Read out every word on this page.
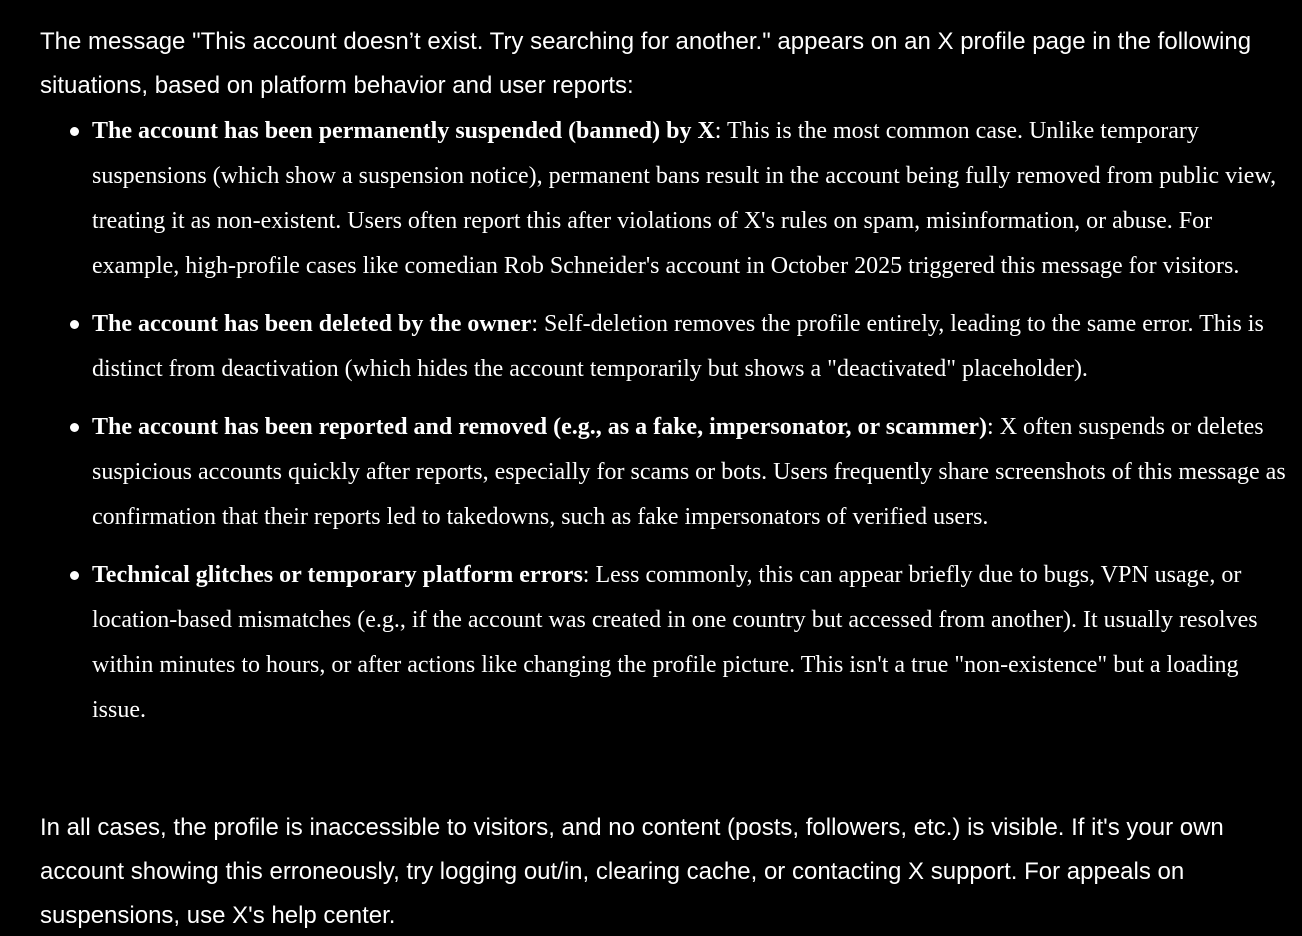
The message "This account doesn’t exist. Try searching for another." appears on an X profile page in the following situations, based on platform behavior and user reports:

The account has been permanently suspended (banned) by X: This is the most common case. Unlike temporary suspensions (which show a suspension notice), permanent bans result in the account being fully removed from public view, treating it as non-existent. Users often report this after violations of X's rules on spam, misinformation, or abuse. For example, high-profile cases like comedian Rob Schneider's account in October 2025 triggered this message for visitors.
The account has been deleted by the owner: Self-deletion removes the profile entirely, leading to the same error. This is distinct from deactivation (which hides the account temporarily but shows a "deactivated" placeholder).
The account has been reported and removed (e.g., as a fake, impersonator, or scammer): X often suspends or deletes suspicious accounts quickly after reports, especially for scams or bots. Users frequently share screenshots of this message as confirmation that their reports led to takedowns, such as fake impersonators of verified users.
Technical glitches or temporary platform errors: Less commonly, this can appear briefly due to bugs, VPN usage, or location-based mismatches (e.g., if the account was created in one country but accessed from another). It usually resolves within minutes to hours, or after actions like changing the profile picture. This isn't a true "non-existence" but a loading issue.

In all cases, the profile is inaccessible to visitors, and no content (posts, followers, etc.) is visible. If it's your own account showing this erroneously, try logging out/in, clearing cache, or contacting X support. For appeals on suspensions, use X's help center.
